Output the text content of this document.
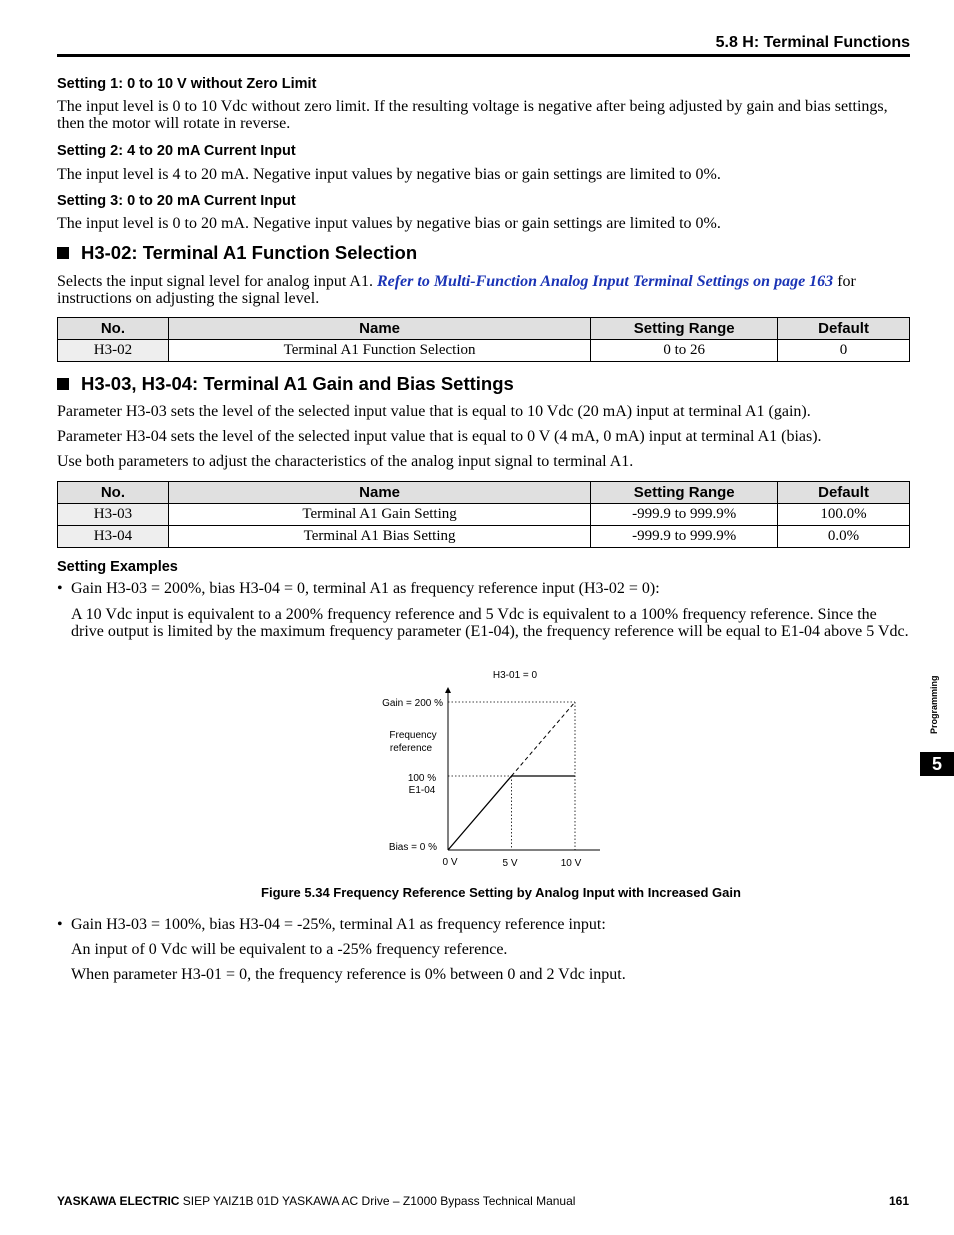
5.8 H: Terminal Functions
Setting 1: 0 to 10 V without Zero Limit
The input level is 0 to 10 Vdc without zero limit. If the resulting voltage is negative after being adjusted by gain and bias settings, then the motor will rotate in reverse.
Setting 2: 4 to 20 mA Current Input
The input level is 4 to 20 mA. Negative input values by negative bias or gain settings are limited to 0%.
Setting 3: 0 to 20 mA Current Input
The input level is 0 to 20 mA. Negative input values by negative bias or gain settings are limited to 0%.
H3-02: Terminal A1 Function Selection
Selects the input signal level for analog input A1. Refer to Multi-Function Analog Input Terminal Settings on page 163 for instructions on adjusting the signal level.
No.	Name	Setting Range	Default
H3-02	Terminal A1 Function Selection	0 to 26	0
H3-03, H3-04: Terminal A1 Gain and Bias Settings
Parameter H3-03 sets the level of the selected input value that is equal to 10 Vdc (20 mA) input at terminal A1 (gain).
Parameter H3-04 sets the level of the selected input value that is equal to 0 V (4 mA, 0 mA) input at terminal A1 (bias).
Use both parameters to adjust the characteristics of the analog input signal to terminal A1.
No.	Name	Setting Range	Default
H3-03	Terminal A1 Gain Setting	-999.9 to 999.9%	100.0%
H3-04	Terminal A1 Bias Setting	-999.9 to 999.9%	0.0%
Setting Examples
• Gain H3-03 = 200%, bias H3-04 = 0, terminal A1 as frequency reference input (H3-02 = 0):
A 10 Vdc input is equivalent to a 200% frequency reference and 5 Vdc is equivalent to a 100% frequency reference. Since the drive output is limited by the maximum frequency parameter (E1-04), the frequency reference will be equal to E1-04 above 5 Vdc.
H3-01 = 0
Gain = 200 %
Frequency
reference
100 %
E1-04
Bias = 0 %
0 V	5 V	10 V
Figure 5.34 Frequency Reference Setting by Analog Input with Increased Gain
• Gain H3-03 = 100%, bias H3-04 = -25%, terminal A1 as frequency reference input:
An input of 0 Vdc will be equivalent to a -25% frequency reference.
When parameter H3-01 = 0, the frequency reference is 0% between 0 and 2 Vdc input.
Programming
5
YASKAWA ELECTRIC SIEP YAIZ1B 01D YASKAWA AC Drive – Z1000 Bypass Technical Manual	161
